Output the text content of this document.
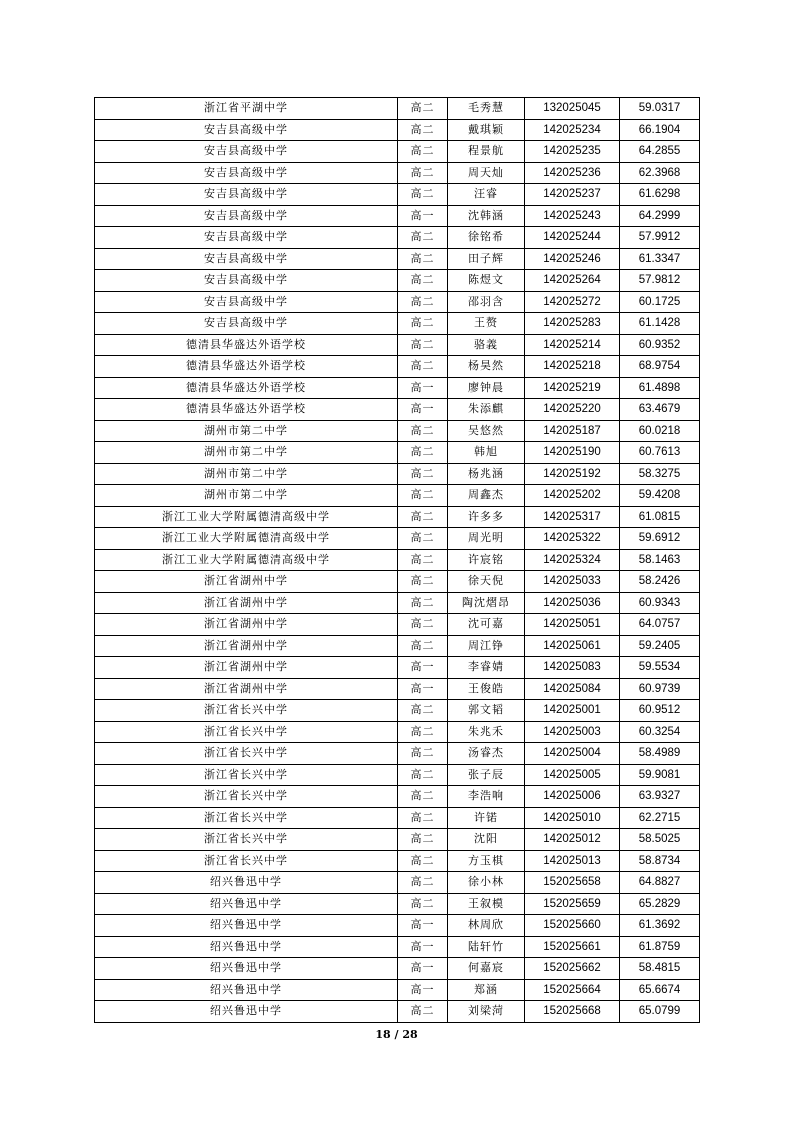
浙江省平湖中学	高二	毛秀慧	132025045	59.0317
安吉县高级中学	高二	戴琪颖	142025234	66.1904
安吉县高级中学	高二	程景航	142025235	64.2855
安吉县高级中学	高二	周天灿	142025236	62.3968
安吉县高级中学	高二	汪睿	142025237	61.6298
安吉县高级中学	高一	沈韩涵	142025243	64.2999
安吉县高级中学	高二	徐铭希	142025244	57.9912
安吉县高级中学	高二	田子辉	142025246	61.3347
安吉县高级中学	高二	陈煜文	142025264	57.9812
安吉县高级中学	高二	邵羽含	142025272	60.1725
安吉县高级中学	高二	王赘	142025283	61.1428
德清县华盛达外语学校	高二	骆義	142025214	60.9352
德清县华盛达外语学校	高二	杨昊然	142025218	68.9754
德清县华盛达外语学校	高一	廖钟晨	142025219	61.4898
德清县华盛达外语学校	高一	朱添麒	142025220	63.4679
湖州市第二中学	高二	吴悠然	142025187	60.0218
湖州市第二中学	高二	韩旭	142025190	60.7613
湖州市第二中学	高二	杨兆涵	142025192	58.3275
湖州市第二中学	高二	周鑫杰	142025202	59.4208
浙江工业大学附属德清高级中学	高二	许多多	142025317	61.0815
浙江工业大学附属德清高级中学	高二	周光明	142025322	59.6912
浙江工业大学附属德清高级中学	高二	许宸铭	142025324	58.1463
浙江省湖州中学	高二	徐天倪	142025033	58.2426
浙江省湖州中学	高二	陶沈熠昂	142025036	60.9343
浙江省湖州中学	高二	沈可嘉	142025051	64.0757
浙江省湖州中学	高二	周江铮	142025061	59.2405
浙江省湖州中学	高一	李睿婧	142025083	59.5534
浙江省湖州中学	高一	王俊皓	142025084	60.9739
浙江省长兴中学	高二	郭文韬	142025001	60.9512
浙江省长兴中学	高二	朱兆禾	142025003	60.3254
浙江省长兴中学	高二	汤睿杰	142025004	58.4989
浙江省长兴中学	高二	张子辰	142025005	59.9081
浙江省长兴中学	高二	李浩响	142025006	63.9327
浙江省长兴中学	高二	许锘	142025010	62.2715
浙江省长兴中学	高二	沈阳	142025012	58.5025
浙江省长兴中学	高二	方玉棋	142025013	58.8734
绍兴鲁迅中学	高二	徐小林	152025658	64.8827
绍兴鲁迅中学	高二	王叙模	152025659	65.2829
绍兴鲁迅中学	高一	林周欣	152025660	61.3692
绍兴鲁迅中学	高一	陆轩竹	152025661	61.8759
绍兴鲁迅中学	高一	何嘉宸	152025662	58.4815
绍兴鲁迅中学	高一	郑涵	152025664	65.6674
绍兴鲁迅中学	高二	刘梁菏	152025668	65.0799
18 / 28
